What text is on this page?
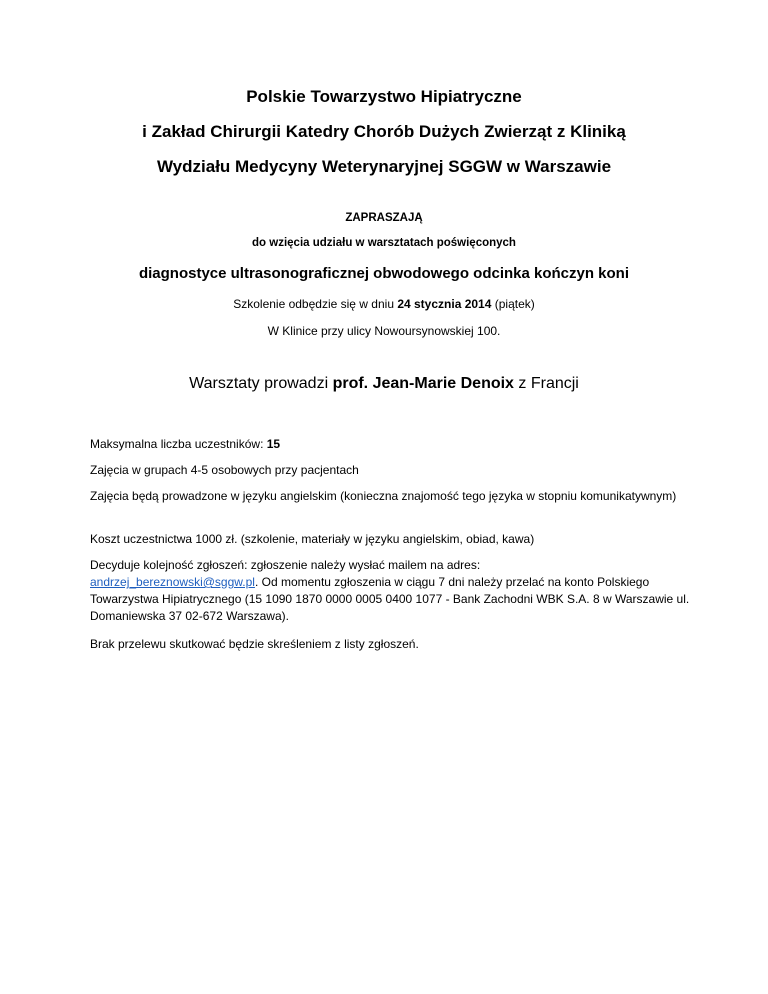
Polskie Towarzystwo Hipiatryczne
i Zakład Chirurgii Katedry Chorób Dużych Zwierząt z Kliniką
Wydziału Medycyny Weterynaryjnej SGGW w Warszawie
ZAPRASZAJĄ
do wzięcia udziału w warsztatach poświęconych
diagnostyce ultrasonograficznej obwodowego odcinka kończyn koni
Szkolenie odbędzie się w dniu 24 stycznia 2014 (piątek)
W Klinice przy ulicy Nowoursynowskiej 100.
Warsztaty prowadzi prof. Jean-Marie Denoix z Francji
Maksymalna liczba uczestników: 15
Zajęcia w grupach 4-5 osobowych przy pacjentach
Zajęcia będą prowadzone w języku angielskim (konieczna znajomość tego języka w stopniu komunikatywnym)
Koszt uczestnictwa 1000 zł. (szkolenie, materiały w języku angielskim, obiad, kawa)
Decyduje kolejność zgłoszeń: zgłoszenie należy wysłać mailem na adres:
andrzej_bereznowski@sggw.pl. Od momentu zgłoszenia w ciągu 7 dni należy przelać na konto Polskiego Towarzystwa Hipiatrycznego (15 1090 1870 0000 0005 0400 1077 - Bank Zachodni WBK S.A. 8 w Warszawie ul. Domaniewska 37 02-672 Warszawa).
Brak przelewu skutkować będzie skreśleniem z listy zgłoszeń.
